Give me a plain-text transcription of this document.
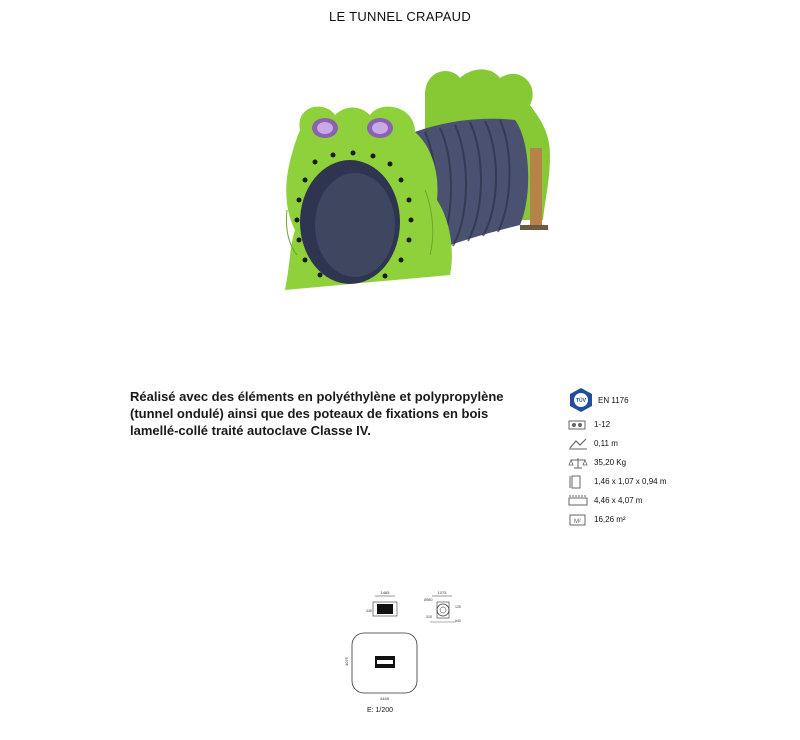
LE TUNNEL CRAPAUD
Réalisé avec des éléments en polyéthylène et polypropylène
(tunnel ondulé) ainsi que des poteaux de fixations en bois
lamellé-collé traité autoclave Classe IV.
TÜV EN 1176
1-12
0,11 m
35,20 Kg
1,46 x 1,07 x 0,94 m
4,46 x 4,07 m
M² 16,26 m²
1465
445
1075
Ø550
315
940
125
4075
4465
E: 1/200
